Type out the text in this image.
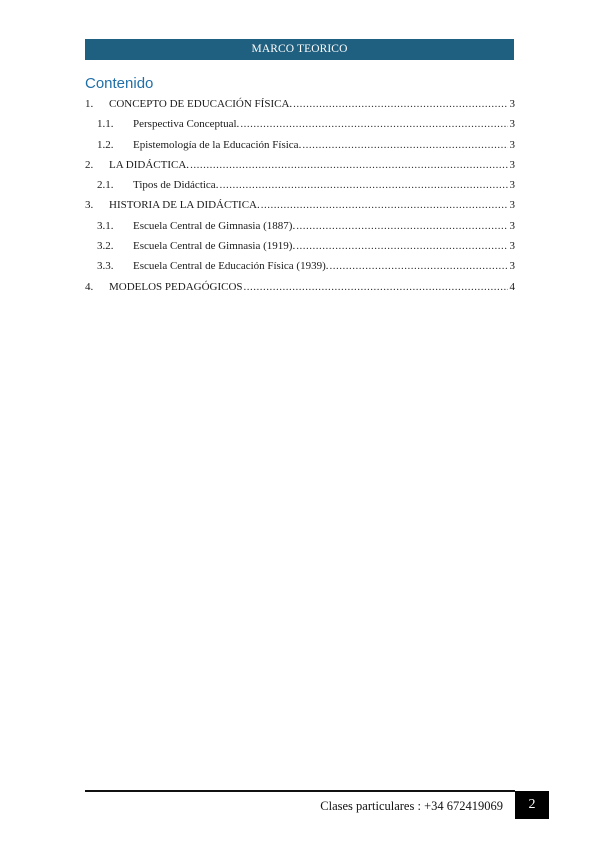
MARCO TEORICO
Contenido
1. CONCEPTO DE EDUCACIÓN FÍSICA. .....	3
1.1. Perspectiva Conceptual. .....	3
1.2. Epistemología de la Educación Física. .....	3
2. LA DIDÁCTICA. .....	3
2.1. Tipos de Didáctica. .....	3
3. HISTORIA DE LA DIDÁCTICA. .....	3
3.1. Escuela Central de Gimnasia (1887). .....	3
3.2. Escuela Central de Gimnasia (1919). .....	3
3.3. Escuela Central de Educación Física (1939). .....	3
4. MODELOS PEDAGÓGICOS .....	4
Clases particulares : +34 672419069	2
